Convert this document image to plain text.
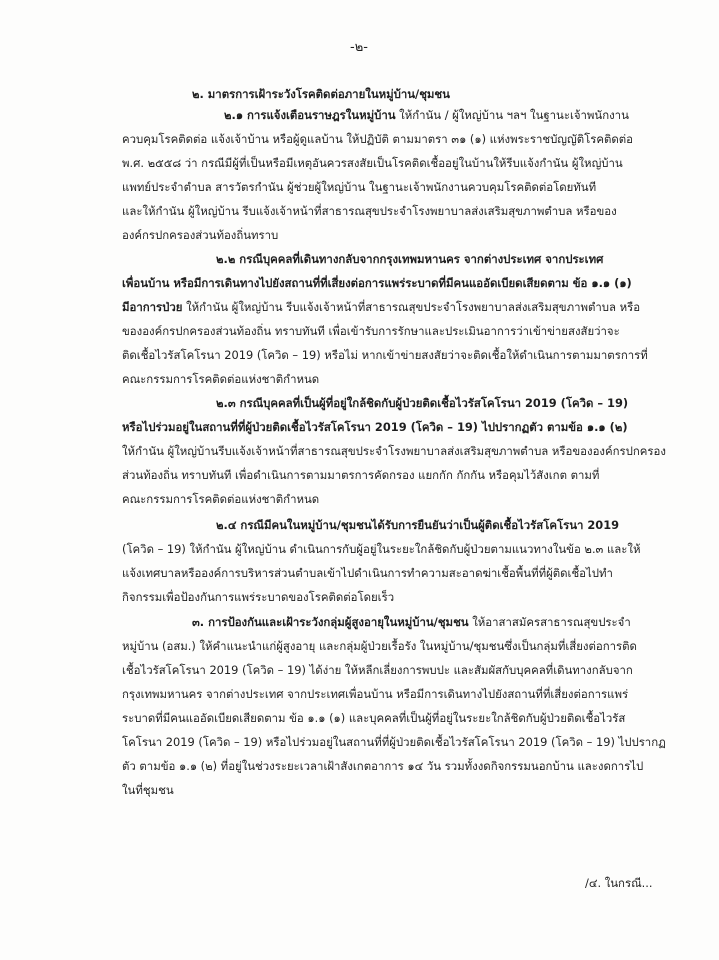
-๒-
๒. มาตรการเฝ้าระวังโรคติดต่อภายในหมู่บ้าน/ชุมชน
๒.๑ การแจ้งเตือนราษฎรในหมู่บ้าน ให้กำนัน / ผู้ใหญ่บ้าน ฯลฯ ในฐานะเจ้าพนักงาน
ควบคุมโรคติดต่อ แจ้งเจ้าบ้าน หรือผู้ดูแลบ้าน ให้ปฏิบัติ ตามมาตรา ๓๑ (๑) แห่งพระราชบัญญัติโรคติดต่อ
พ.ศ. ๒๕๕๘ ว่า กรณีมีผู้ที่เป็นหรือมีเหตุอันควรสงสัยเป็นโรคติดเชื้ออยู่ในบ้านให้รีบแจ้งกำนัน ผู้ใหญ่บ้าน
แพทย์ประจำตำบล สารวัตรกำนัน ผู้ช่วยผู้ใหญ่บ้าน ในฐานะเจ้าพนักงานควบคุมโรคติดต่อโดยทันที
และให้กำนัน ผู้ใหญ่บ้าน รีบแจ้งเจ้าหน้าที่สาธารณสุขประจำโรงพยาบาลส่งเสริมสุขภาพตำบล หรือของ
องค์กรปกครองส่วนท้องถิ่นทราบ
๒.๒ กรณีบุคคลที่เดินทางกลับจากกรุงเทพมหานคร จากต่างประเทศ จากประเทศ
เพื่อนบ้าน หรือมีการเดินทางไปยังสถานที่ที่เสี่ยงต่อการแพร่ระบาดที่มีคนแออัดเบียดเสียดตาม ข้อ ๑.๑ (๑)
มีอาการป่วย ให้กำนัน ผู้ใหญ่บ้าน รีบแจ้งเจ้าหน้าที่สาธารณสุขประจำโรงพยาบาลส่งเสริมสุขภาพตำบล หรือ
ขององค์กรปกครองส่วนท้องถิ่น ทราบทันที เพื่อเข้ารับการรักษาและประเมินอาการว่าเข้าข่ายสงสัยว่าจะ
ติดเชื้อไวรัสโคโรนา 2019 (โควิด – 19) หรือไม่ หากเข้าข่ายสงสัยว่าจะติดเชื้อให้ดำเนินการตามมาตรการที่
คณะกรรมการโรคติดต่อแห่งชาติกำหนด
๒.๓ กรณีบุคคลที่เป็นผู้ที่อยู่ใกล้ชิดกับผู้ป่วยติดเชื้อไวรัสโคโรนา 2019 (โควิด – 19)
หรือไปร่วมอยู่ในสถานที่ที่ผู้ป่วยติดเชื้อไวรัสโคโรนา 2019 (โควิด – 19) ไปปรากฏตัว ตามข้อ ๑.๑ (๒)
ให้กำนัน ผู้ใหญ่บ้านรีบแจ้งเจ้าหน้าที่สาธารณสุขประจำโรงพยาบาลส่งเสริมสุขภาพตำบล หรือขององค์กรปกครอง
ส่วนท้องถิ่น ทราบทันที เพื่อดำเนินการตามมาตรการคัดกรอง แยกกัก กักกัน หรือคุมไว้สังเกต ตามที่
คณะกรรมการโรคติดต่อแห่งชาติกำหนด
๒.๔ กรณีมีคนในหมู่บ้าน/ชุมชนได้รับการยืนยันว่าเป็นผู้ติดเชื้อไวรัสโคโรนา 2019
(โควิด – 19) ให้กำนัน ผู้ใหญ่บ้าน ดำเนินการกับผู้อยู่ในระยะใกล้ชิดกับผู้ป่วยตามแนวทางในข้อ ๒.๓ และให้
แจ้งเทศบาลหรือองค์การบริหารส่วนตำบลเข้าไปดำเนินการทำความสะอาดฆ่าเชื้อพื้นที่ที่ผู้ติดเชื้อไปทำ
กิจกรรมเพื่อป้องกันการแพร่ระบาดของโรคติดต่อโดยเร็ว
๓. การป้องกันและเฝ้าระวังกลุ่มผู้สูงอายุในหมู่บ้าน/ชุมชน ให้อาสาสมัครสาธารณสุขประจำ
หมู่บ้าน (อสม.) ให้คำแนะนำแก่ผู้สูงอายุ และกลุ่มผู้ป่วยเรื้อรัง ในหมู่บ้าน/ชุมชนซึ่งเป็นกลุ่มที่เสี่ยงต่อการติด
เชื้อไวรัสโคโรนา 2019 (โควิด – 19) ได้ง่าย ให้หลีกเลี่ยงการพบปะ และสัมผัสกับบุคคลที่เดินทางกลับจาก
กรุงเทพมหานคร จากต่างประเทศ จากประเทศเพื่อนบ้าน หรือมีการเดินทางไปยังสถานที่ที่เสี่ยงต่อการแพร่
ระบาดที่มีคนแออัดเบียดเสียดตาม ข้อ ๑.๑ (๑) และบุคคลที่เป็นผู้ที่อยู่ในระยะใกล้ชิดกับผู้ป่วยติดเชื้อไวรัส
โคโรนา 2019 (โควิด – 19) หรือไปร่วมอยู่ในสถานที่ที่ผู้ป่วยติดเชื้อไวรัสโคโรนา 2019 (โควิด – 19) ไปปรากฏ
ตัว ตามข้อ ๑.๑ (๒) ที่อยู่ในช่วงระยะเวลาเฝ้าสังเกตอาการ ๑๔ วัน รวมทั้งงดกิจกรรมนอกบ้าน และงดการไป
ในที่ชุมชน
/๔. ในกรณี...
